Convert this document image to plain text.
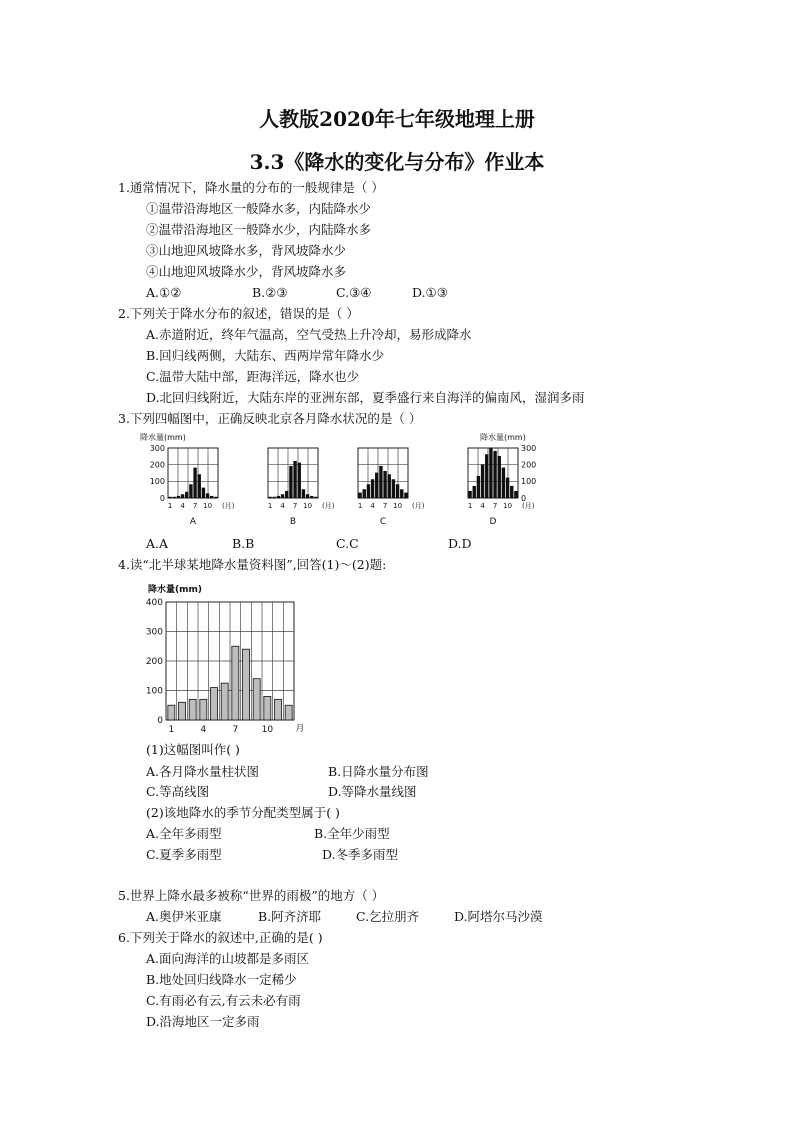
人教版2020年七年级地理上册
3.3《降水的变化与分布》作业本
1.通常情况下，降水量的分布的一般规律是（ ）
①温带沿海地区一般降水多，内陆降水少
②温带沿海地区一般降水少，内陆降水多
③山地迎风坡降水多，背风坡降水少
④山地迎风坡降水少，背风坡降水多
A.①②	B.②③	C.③④	D.①③
2.下列关于降水分布的叙述，错误的是（ ）
A.赤道附近，终年气温高，空气受热上升冷却，易形成降水
B.回归线两侧，大陆东、西两岸常年降水少
C.温带大陆中部，距海洋远，降水也少
D.北回归线附近，大陆东岸的亚洲东部，夏季盛行来自海洋的偏南风，湿润多雨
3.下列四幅图中，正确反映北京各月降水状况的是（ ）
300
200
100
0
1 4 7 10 (月)
A
降水量(mm)
1 4 7 10 (月)
B
1 4 7 10 (月)
C
300
200
100
0
1 4 7 10 (月)
D
降水量(mm)
A.A	B.B	C.C	D.D
4.读“北半球某地降水量资料图”,回答(1)～(2)题:
400
300
200
100
0
1	4	7	10 月
降水量(mm)
(1)这幅图叫作( )
A.各月降水量柱状图	B.日降水量分布图
C.等高线图	D.等降水量线图
(2)该地降水的季节分配类型属于( )
A.全年多雨型	B.全年少雨型
C.夏季多雨型	D.冬季多雨型
5.世界上降水最多被称“世界的雨极”的地方（ ）
A.奥伊米亚康	B.阿齐济耶	C.乞拉朋齐	D.阿塔尔马沙漠
6.下列关于降水的叙述中,正确的是( )
A.面向海洋的山坡都是多雨区
B.地处回归线降水一定稀少
C.有雨必有云,有云未必有雨
D.沿海地区一定多雨
